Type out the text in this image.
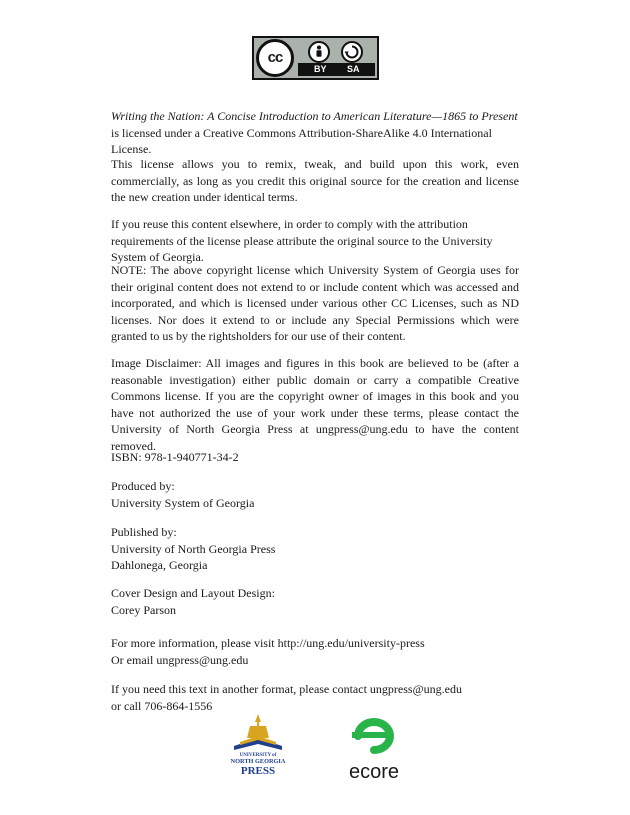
cc
BY SA

Writing the Nation: A Concise Introduction to American Literature—1865 to Present is licensed under a Creative Commons Attribution-ShareAlike 4.0 International License.

This license allows you to remix, tweak, and build upon this work, even commercially, as long as you credit this original source for the creation and license the new creation under identical terms.

If you reuse this content elsewhere, in order to comply with the attribution requirements of the license please attribute the original source to the University System of Georgia.

NOTE: The above copyright license which University System of Georgia uses for their original content does not extend to or include content which was accessed and incorporated, and which is licensed under various other CC Licenses, such as ND licenses. Nor does it extend to or include any Special Permissions which were granted to us by the rightsholders for our use of their content.

Image Disclaimer: All images and figures in this book are believed to be (after a reasonable investigation) either public domain or carry a compatible Creative Commons license. If you are the copyright owner of images in this book and you have not authorized the use of your work under these terms, please contact the University of North Georgia Press at ungpress@ung.edu to have the content removed.

ISBN: 978-1-940771-34-2

Produced by:
University System of Georgia
Published by:
University of North Georgia Press
Dahlonega, Georgia
Cover Design and Layout Design:
Corey Parson
For more information, please visit http://ung.edu/university-press
Or email ungpress@ung.edu
If you need this text in another format, please contact ungpress@ung.edu
or call 706-864-1556
UNIVERSITY of
NORTH GEORGIA
PRESS	ecore
